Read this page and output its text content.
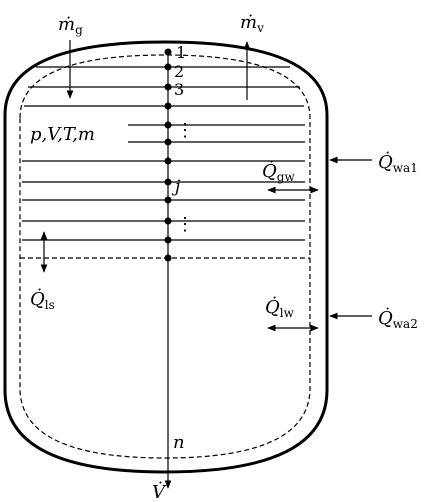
1
2
3
⋮
j
⋮
p,V,T,m
ṁ$_g$	ṁ$_v$
$Q̇_{gw}$
$Q̇_{wa1}$
$Q̇_{ls}$	$Q̇_{lw}$	$Q̇_{wa2}$
n
V̇
